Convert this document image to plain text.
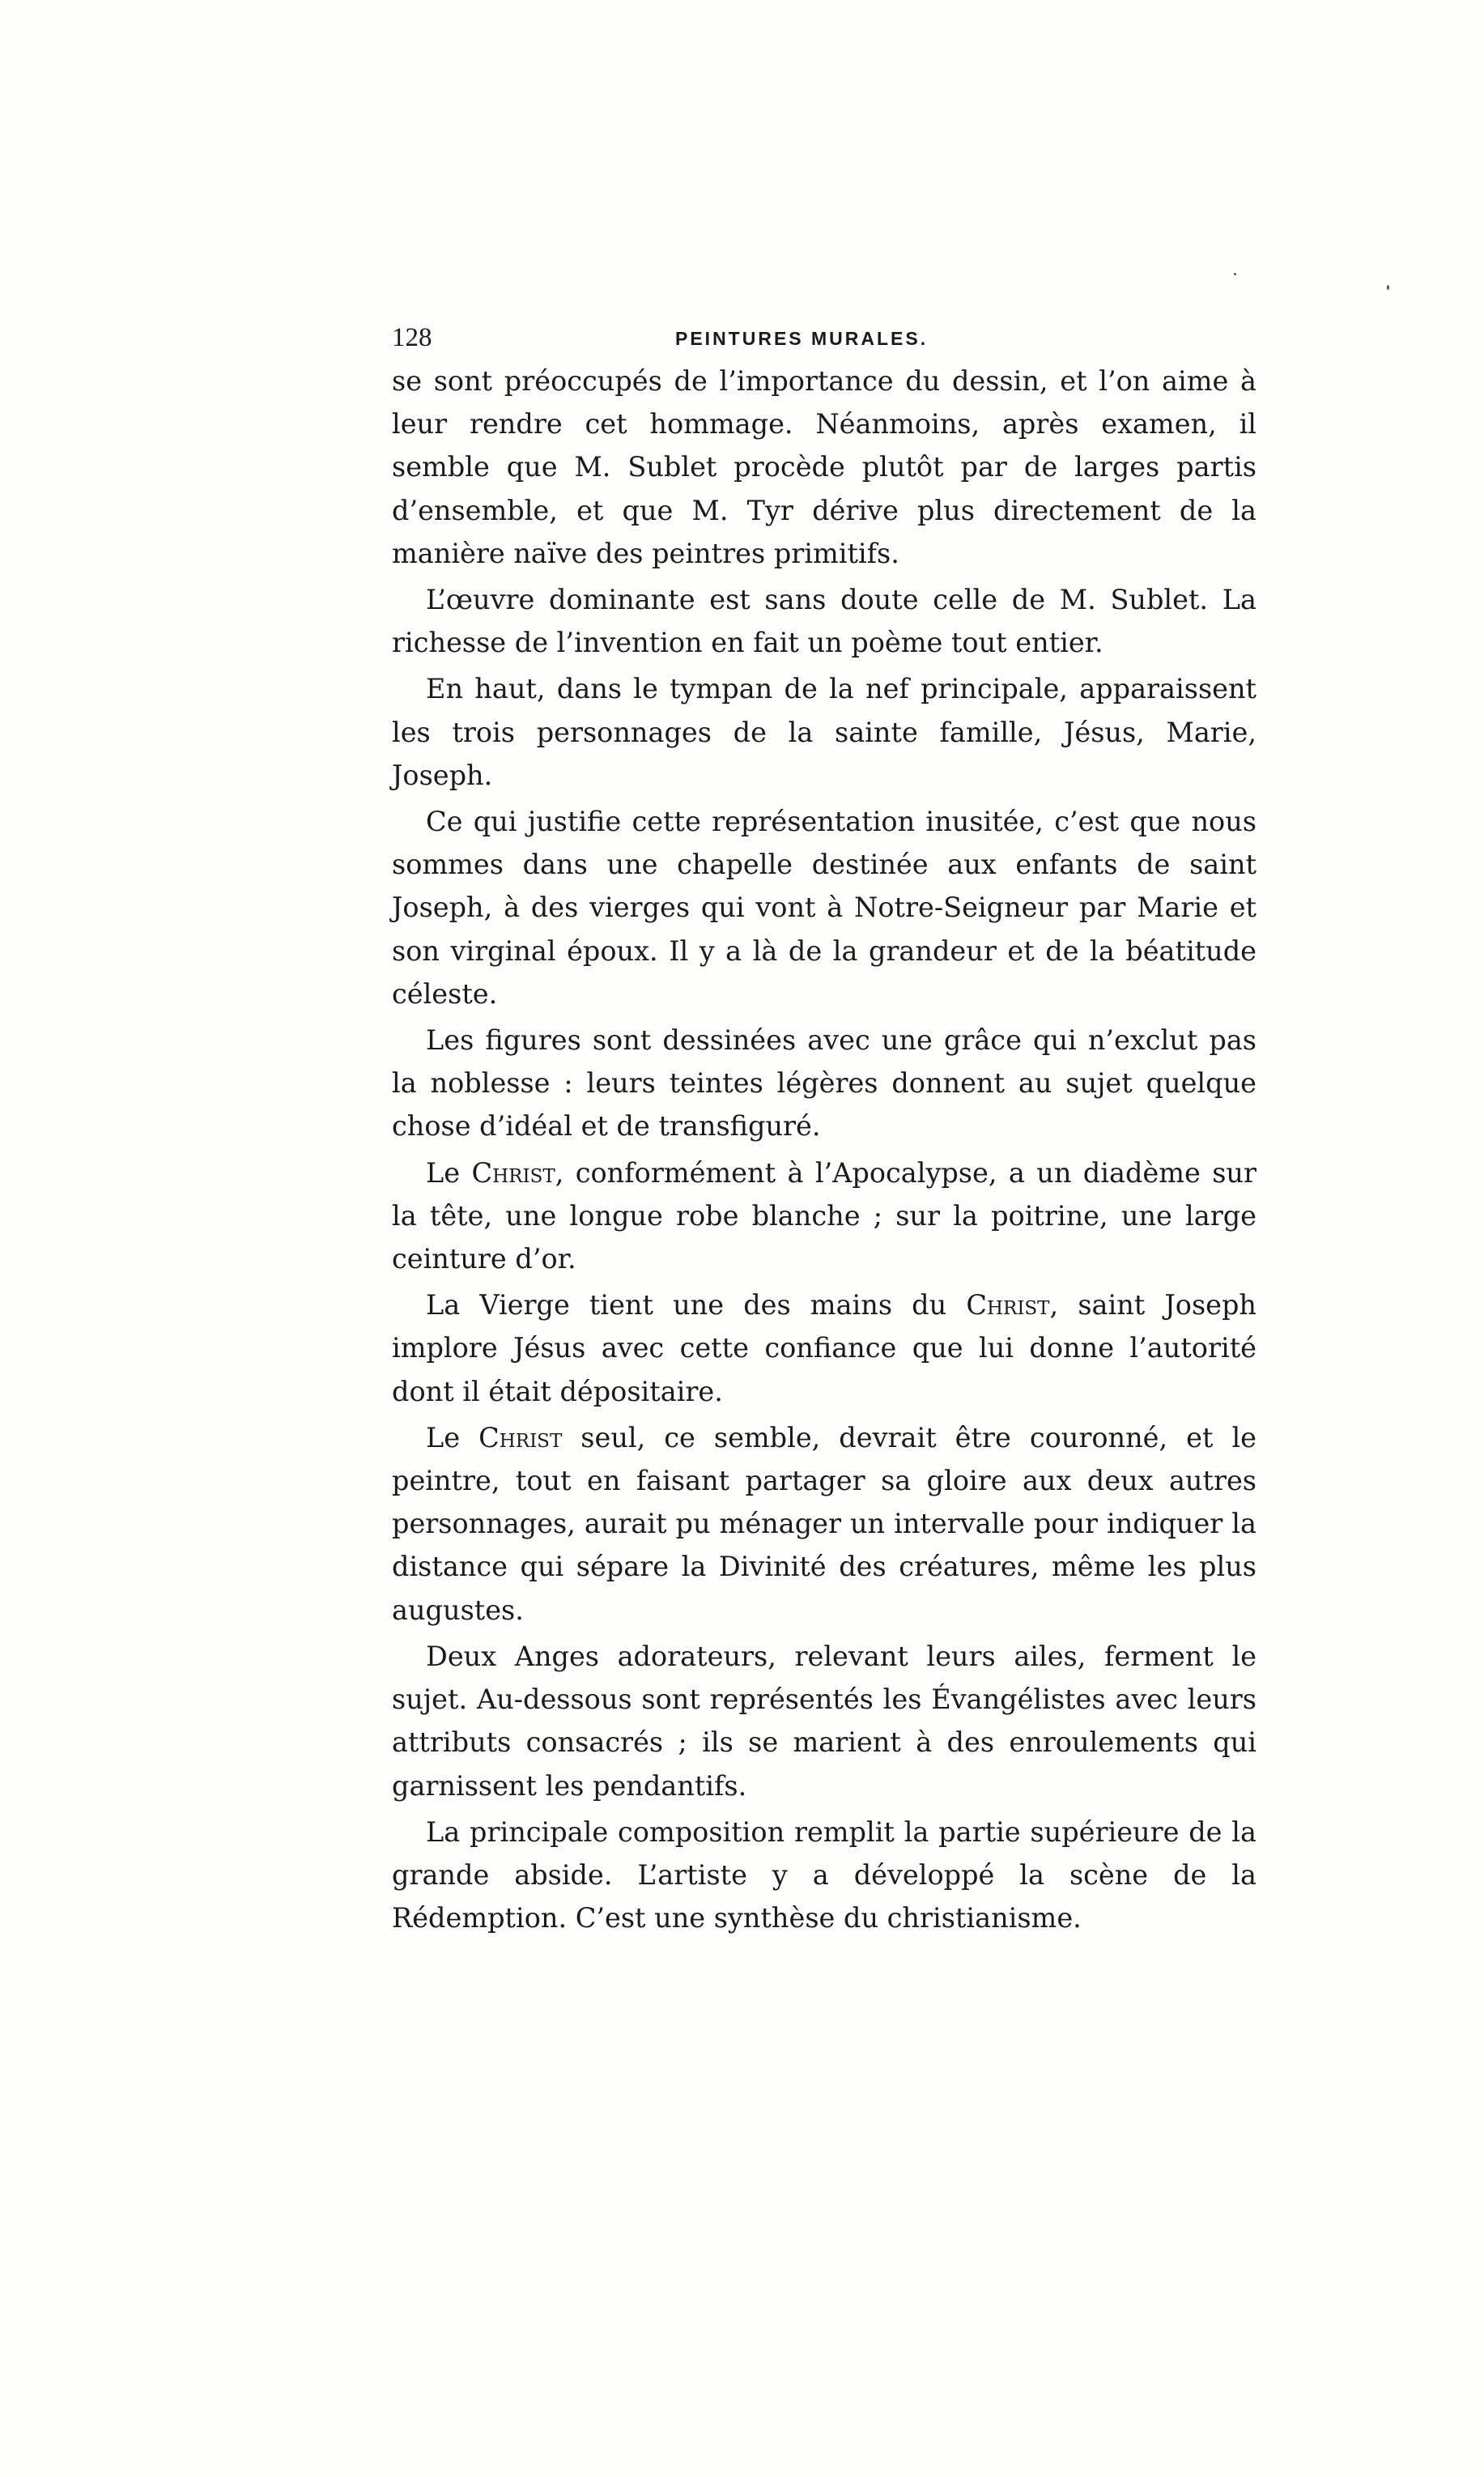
128	PEINTURES MURALES.

se sont préoccupés de l’importance du dessin, et l’on aime à leur rendre cet hommage. Néanmoins, après examen, il semble que M. Sublet procède plutôt par de larges partis d’ensemble, et que M. Tyr dérive plus directement de la manière naïve des peintres primitifs.

L’œuvre dominante est sans doute celle de M. Sublet. La richesse de l’invention en fait un poème tout entier.

En haut, dans le tympan de la nef principale, apparaissent les trois personnages de la sainte famille, Jésus, Marie, Joseph.

Ce qui justifie cette représentation inusitée, c’est que nous sommes dans une chapelle destinée aux enfants de saint Joseph, à des vierges qui vont à Notre-Seigneur par Marie et son virginal époux. Il y a là de la grandeur et de la béatitude céleste.

Les figures sont dessinées avec une grâce qui n’exclut pas la noblesse : leurs teintes légères donnent au sujet quelque chose d’idéal et de transfiguré.

Le Christ, conformément à l’Apocalypse, a un diadème sur la tête, une longue robe blanche ; sur la poitrine, une large ceinture d’or.

La Vierge tient une des mains du Christ, saint Joseph implore Jésus avec cette confiance que lui donne l’autorité dont il était dépositaire.

Le Christ seul, ce semble, devrait être couronné, et le peintre, tout en faisant partager sa gloire aux deux autres personnages, aurait pu ménager un intervalle pour indiquer la distance qui sépare la Divinité des créatures, même les plus augustes.

Deux Anges adorateurs, relevant leurs ailes, ferment le sujet. Au-dessous sont représentés les Évangélistes avec leurs attributs consacrés ; ils se marient à des enroulements qui garnissent les pendantifs.

La principale composition remplit la partie supérieure de la grande abside. L’artiste y a développé la scène de la Rédemption. C’est une synthèse du christianisme.
